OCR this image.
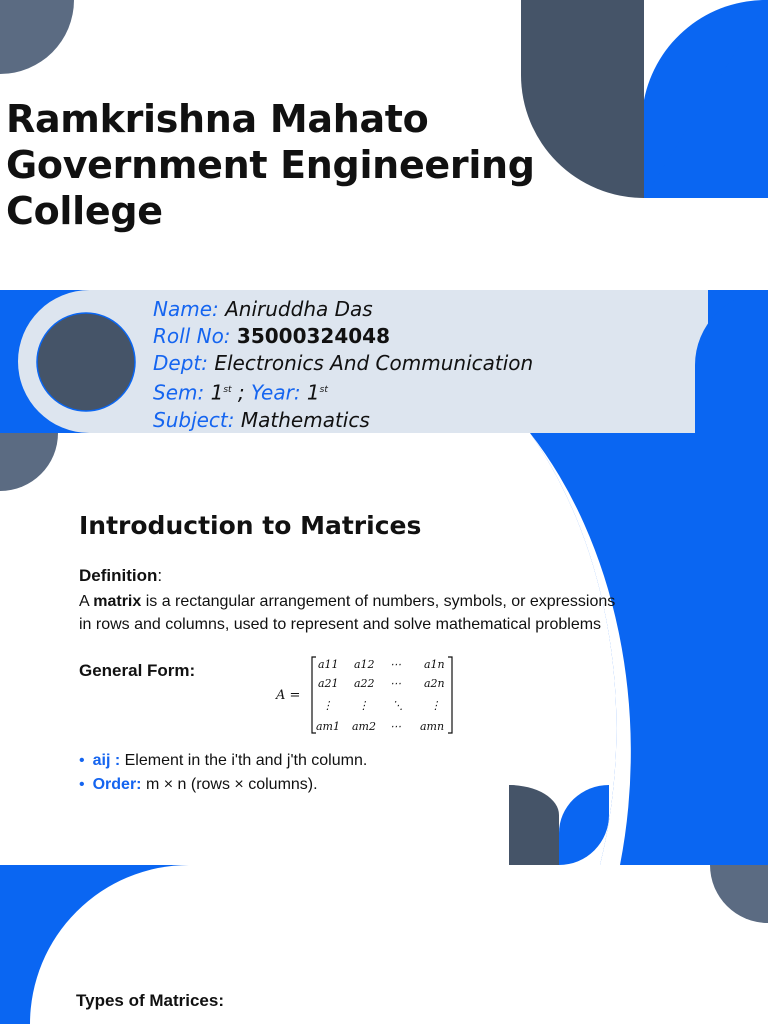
Ramkrishna Mahato
Government Engineering
College
Name: Aniruddha Das
Roll No: 35000324048
Dept: Electronics And Communication
Sem: 1st ; Year: 1st
Subject: Mathematics
Introduction to Matrices
Definition:
A matrix is a rectangular arrangement of numbers, symbols, or expressions in rows and columns, used to represent and solve mathematical problems
General Form:
A =
a11 a12 ⋯ a1n
a21 a22 ⋯ a2n
⋮ ⋮ ⋱ ⋮
am1 am2 ⋯ amn
• aij : Element in the i'th and j'th column.
• Order: m × n (rows × columns).
Types of Matrices:
